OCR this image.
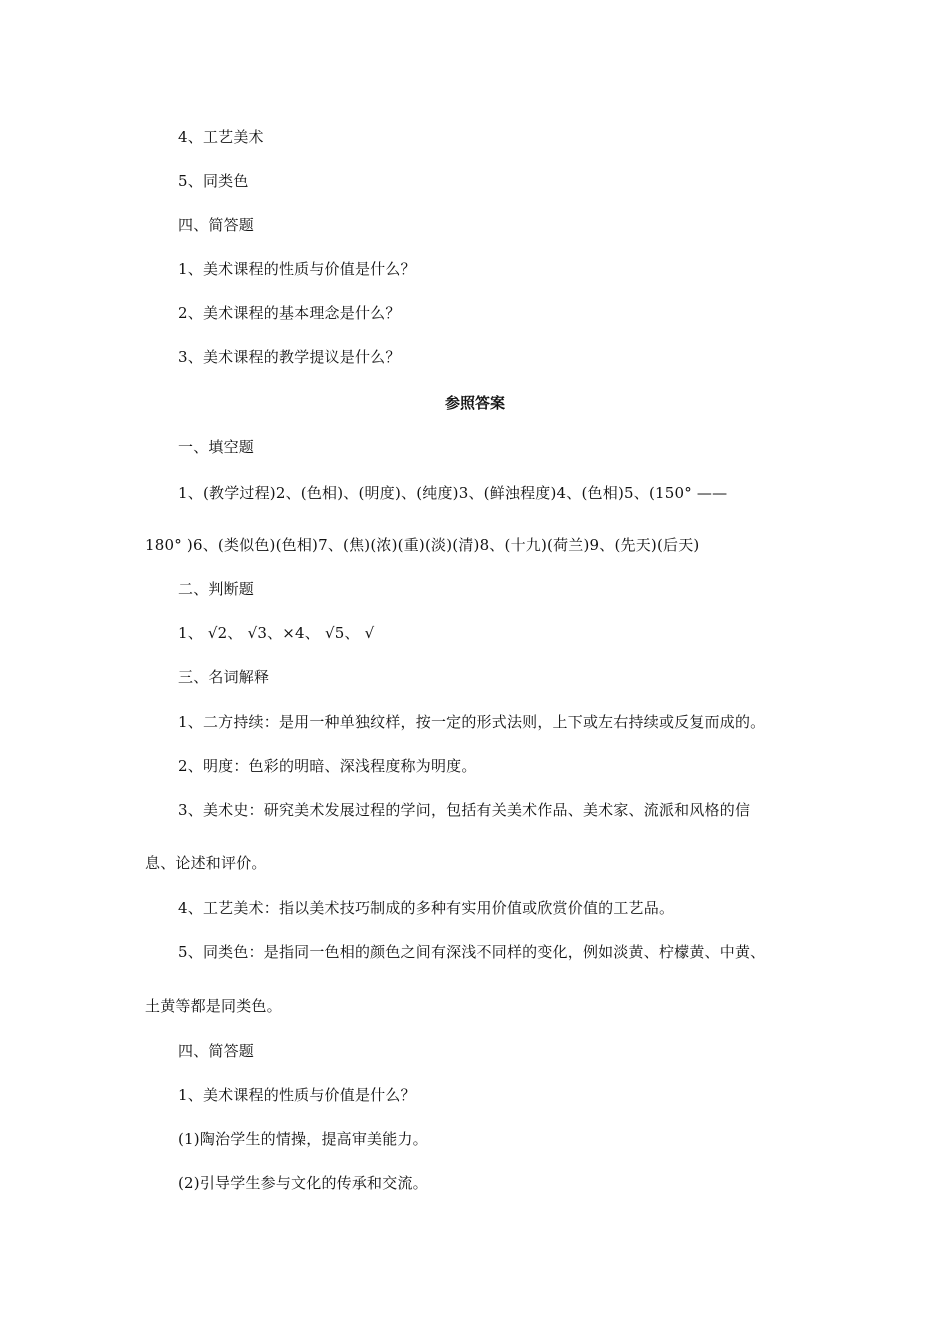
4、工艺美术
5、同类色
四、简答题
1、美术课程的性质与价值是什么？
2、美术课程的基本理念是什么？
3、美术课程的教学提议是什么？
参照答案
一、填空题
1、(教学过程)2、(色相)、(明度)、(纯度)3、(鲜浊程度)4、(色相)5、(150° ——
180° )6、(类似色)(色相)7、(焦)(浓)(重)(淡)(清)8、(十九)(荷兰)9、(先天)(后天)
二、判断题
1、 √2、 √3、×4、 √5、 √
三、名词解释
1、二方持续：是用一种单独纹样，按一定的形式法则，上下或左右持续或反复而成的。
2、明度：色彩的明暗、深浅程度称为明度。
3、美术史：研究美术发展过程的学问，包括有关美术作品、美术家、流派和风格的信
息、论述和评价。
4、工艺美术：指以美术技巧制成的多种有实用价值或欣赏价值的工艺品。
5、同类色：是指同一色相的颜色之间有深浅不同样的变化，例如淡黄、柠檬黄、中黄、
土黄等都是同类色。
四、简答题
1、美术课程的性质与价值是什么？
(1)陶治学生的情操，提高审美能力。
(2)引导学生参与文化的传承和交流。
